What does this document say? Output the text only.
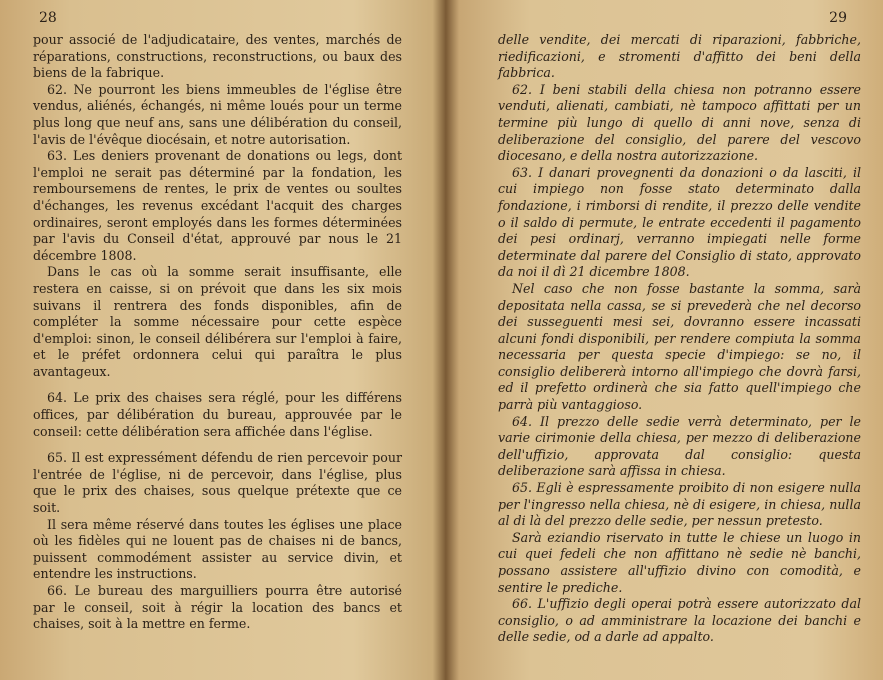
28

pour associé de l'adjudicataire, des ventes, marchés de réparations, constructions, reconstructions, ou baux des biens de la fabrique.

62. Ne pourront les biens immeubles de l'église être vendus, aliénés, échangés, ni même loués pour un terme plus long que neuf ans, sans une délibération du conseil, l'avis de l'évêque diocésain, et notre autorisation.

63. Les deniers provenant de donations ou legs, dont l'emploi ne serait pas déterminé par la fondation, les remboursemens de rentes, le prix de ventes ou soultes d'échanges, les revenus excédant l'acquit des charges ordinaires, seront employés dans les formes déterminées par l'avis du Conseil d'état, approuvé par nous le 21 décembre 1808.

Dans le cas où la somme serait insuffisante, elle restera en caisse, si on prévoit que dans les six mois suivans il rentrera des fonds disponibles, afin de compléter la somme nécessaire pour cette espèce d'emploi: sinon, le conseil délibérera sur l'emploi à faire, et le préfet ordonnera celui qui paraîtra le plus avantageux.

64. Le prix des chaises sera réglé, pour les différens offices, par délibération du bureau, approuvée par le conseil: cette délibération sera affichée dans l'église.

65. Il est expressément défendu de rien percevoir pour l'entrée de l'église, ni de percevoir, dans l'église, plus que le prix des chaises, sous quelque prétexte que ce soit.

Il sera même réservé dans toutes les églises une place où les fidèles qui ne louent pas de chaises ni de bancs, puissent commodément assister au service divin, et entendre les instructions.

66. Le bureau des marguilliers pourra être autorisé par le conseil, soit à régir la location des bancs et chaises, soit à la mettre en ferme.

29

delle vendite, dei mercati di riparazioni, fabbriche, riedificazioni, e stromenti d'affitto dei beni della fabbrica.

62. I beni stabili della chiesa non potranno essere venduti, alienati, cambiati, nè tampoco affittati per un termine più lungo di quello di anni nove, senza di deliberazione del consiglio, del parere del vescovo diocesano, e della nostra autorizzazione.

63. I danari provegnenti da donazioni o da lasciti, il cui impiego non fosse stato determinato dalla fondazione, i rimborsi di rendite, il prezzo delle vendite o il saldo di permute, le entrate eccedenti il pagamento dei pesi ordinarj, verranno impiegati nelle forme determinate dal parere del Consiglio di stato, approvato da noi il dì 21 dicembre 1808.

Nel caso che non fosse bastante la somma, sarà depositata nella cassa, se si prevederà che nel decorso dei susseguenti mesi sei, dovranno essere incassati alcuni fondi disponibili, per rendere compiuta la somma necessaria per questa specie d'impiego: se no, il consiglio delibererà intorno all'impiego che dovrà farsi, ed il prefetto ordinerà che sia fatto quell'impiego che parrà più vantaggioso.

64. Il prezzo delle sedie verrà determinato, per le varie cirimonie della chiesa, per mezzo di deliberazione dell'uffizio, approvata dal consiglio: questa deliberazione sarà affissa in chiesa.

65. Egli è espressamente proibito di non esigere nulla per l'ingresso nella chiesa, nè di esigere, in chiesa, nulla al di là del prezzo delle sedie, per nessun pretesto.

Sarà eziandio riservato in tutte le chiese un luogo in cui quei fedeli che non affittano nè sedie nè banchi, possano assistere all'uffizio divino con comodità, e sentire le prediche.

66. L'uffizio degli operai potrà essere autorizzato dal consiglio, o ad amministrare la locazione dei banchi e delle sedie, od a darle ad appalto.
